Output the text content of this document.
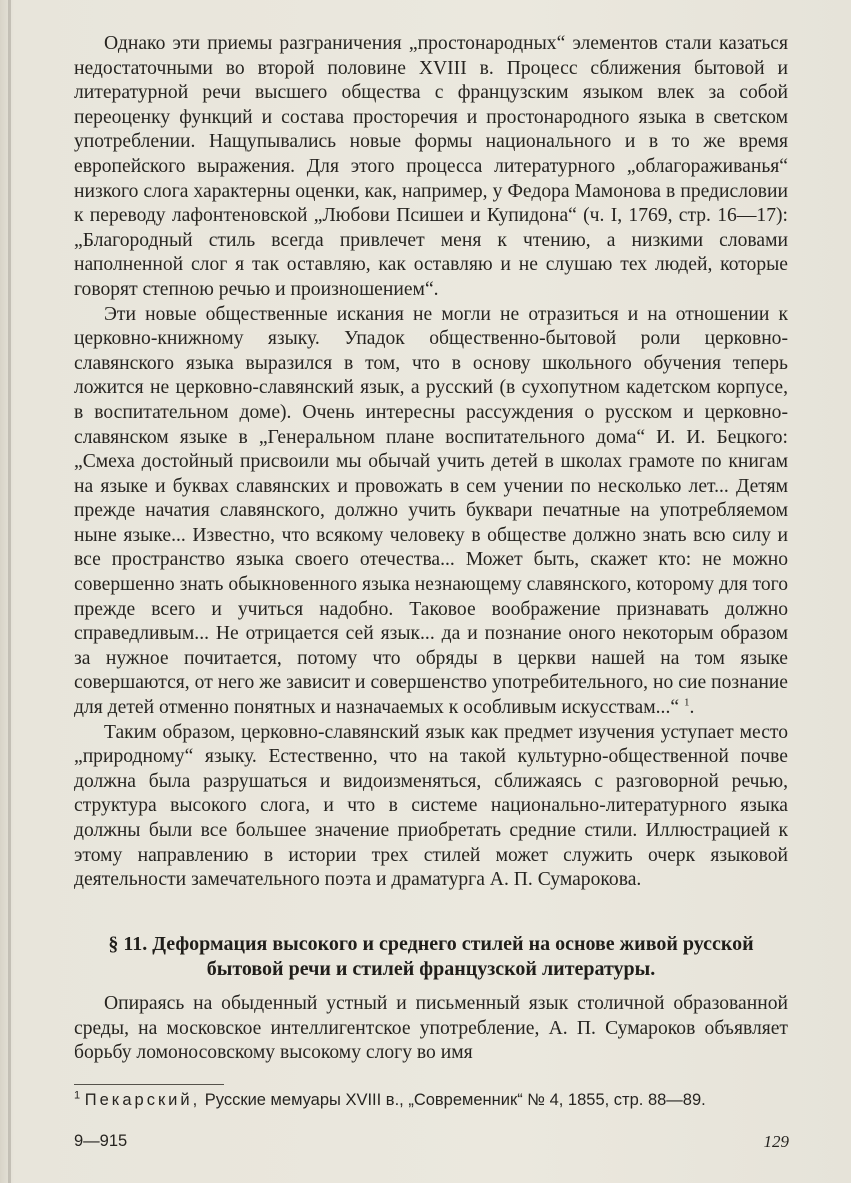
Однако эти приемы разграничения „простонародных“ элементов стали казаться недостаточными во второй половине XVIII в. Процесс сближения бытовой и литературной речи высшего общества с французским языком влек за собой переоценку функций и состава просторечия и простонародного языка в светском употреблении. Нащупывались новые формы национального и в то же время европейского выражения. Для этого процесса литературного „облагораживанья“ низкого слога характерны оценки, как, например, у Федора Мамонова в предисловии к переводу лафонтеновской „Любови Псишеи и Купидона“ (ч. I, 1769, стр. 16—17): „Благородный стиль всегда привлечет меня к чтению, а низкими словами наполненной слог я так оставляю, как оставляю и не слушаю тех людей, которые говорят степною речью и произношением“.

Эти новые общественные искания не могли не отразиться и на отношении к церковно-книжному языку. Упадок общественно-бытовой роли церковно-славянского языка выразился в том, что в основу школьного обучения теперь ложится не церковно-славянский язык, а русский (в сухопутном кадетском корпусе, в воспитательном доме). Очень интересны рассуждения о русском и церковно-славянском языке в „Генеральном плане воспитательного дома“ И. И. Бецкого: „Смеха достойный присвоили мы обычай учить детей в школах грамоте по книгам на языке и буквах славянских и провожать в сем учении по несколько лет... Детям прежде начатия славянского, должно учить буквари печатные на употребляемом ныне языке... Известно, что всякому человеку в обществе должно знать всю силу и все пространство языка своего отечества... Может быть, скажет кто: не можно совершенно знать обыкновенного языка незнающему славянского, которому для того прежде всего и учиться надобно. Таковое воображение признавать должно справедливым... Не отрицается сей язык... да и познание оного некоторым образом за нужное почитается, потому что обряды в церкви нашей на том языке совершаются, от него же зависит и совершенство употребительного, но сие познание для детей отменно понятных и назначаемых к особливым искусствам...“ $^1$.

Таким образом, церковно-славянский язык как предмет изучения уступает место „природному“ языку. Естественно, что на такой культурно-общественной почве должна была разрушаться и видоизменяться, сближаясь с разговорной речью, структура высокого слога, и что в системе национально-литературного языка должны были все большее значение приобретать средние стили. Иллюстрацией к этому направлению в истории трех стилей может служить очерк языковой деятельности замечательного поэта и драматурга А. П. Сумарокова.

§ 11. Деформация высокого и среднего стилей на основе живой русской бытовой речи и стилей французской литературы.

Опираясь на обыденный устный и письменный язык столичной образованной среды, на московское интеллигентское употребление, А. П. Сумароков объявляет борьбу ломоносовскому высокому слогу во имя

$^1$ Пекарский, Русские мемуары XVIII в., „Современник“ № 4, 1855, стр. 88—89.
9—915	129
